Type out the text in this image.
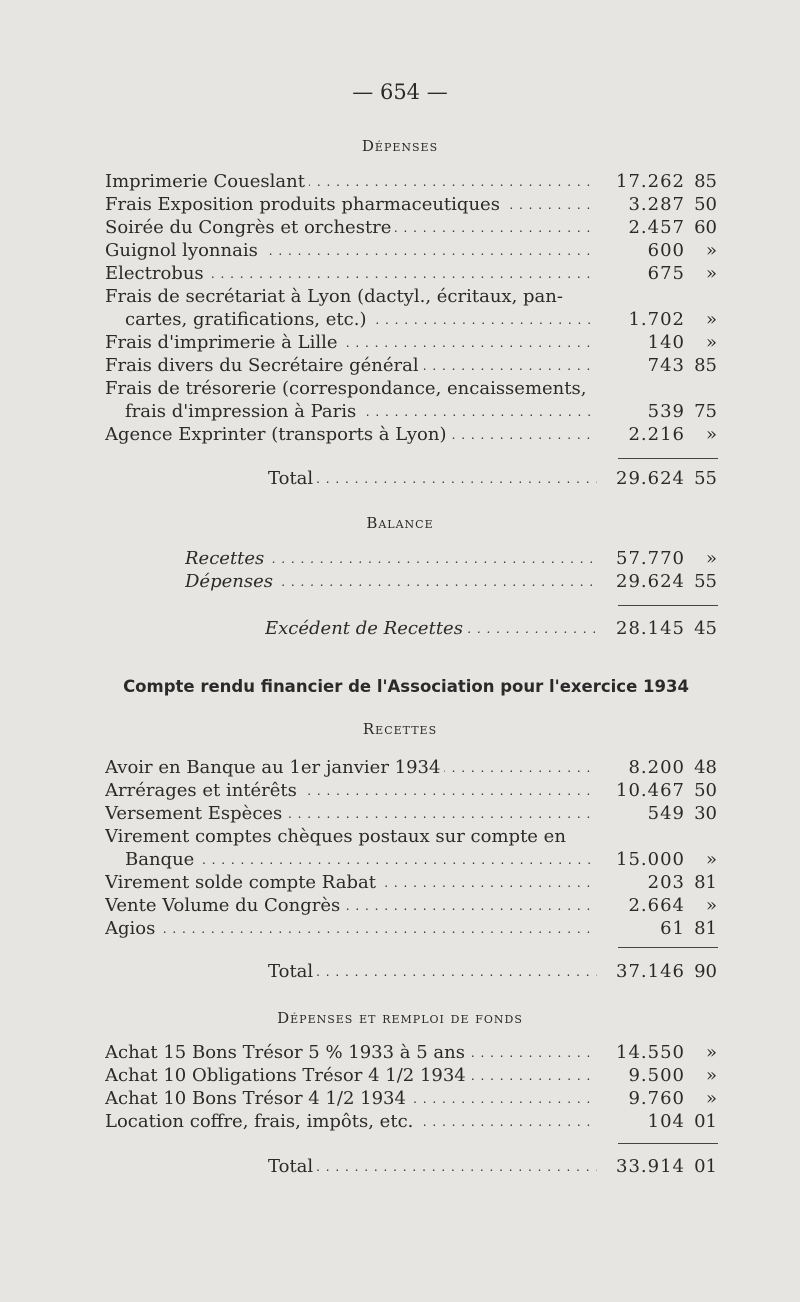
— 654 —
Dépenses
Imprimerie Coueslant . . .	17.262 85
Frais Exposition produits pharmaceutiques . . .	3.287 50
Soirée du Congrès et orchestre . . .	2.457 60
Guignol lyonnais . . .	600 »
Electrobus . . .	675 »
Frais de secrétariat à Lyon (dactyl., écritaux, pan-
cartes, gratifications, etc.) . . .	1.702 »
Frais d'imprimerie à Lille . . .	140 »
Frais divers du Secrétaire général . . .	743 85
Frais de trésorerie (correspondance, encaissements,
frais d'impression à Paris . . .	539 75
Agence Exprinter (transports à Lyon) . . .	2.216 »
Total . . .	29.624 55
Balance
Recettes . . .	57.770 »
Dépenses . . .	29.624 55
Excédent de Recettes . . .	28.145 45
Compte rendu financier de l'Association pour l'exercice 1934
Recettes
Avoir en Banque au 1er janvier 1934 . . .	8.200 48
Arrérages et intérêts . . .	10.467 50
Versement Espèces . . .	549 30
Virement comptes chèques postaux sur compte en
Banque . . .	15.000 »
Virement solde compte Rabat . . .	203 81
Vente Volume du Congrès . . .	2.664 »
Agios . . .	61 81
Total . . .	37.146 90
Dépenses et remploi de fonds
Achat 15 Bons Trésor 5 % 1933 à 5 ans . . .	14.550 »
Achat 10 Obligations Trésor 4 1/2 1934 . . .	9.500 »
Achat 10 Bons Trésor 4 1/2 1934 . . .	9.760 »
Location coffre, frais, impôts, etc. . . .	104 01
Total . . .	33.914 01
